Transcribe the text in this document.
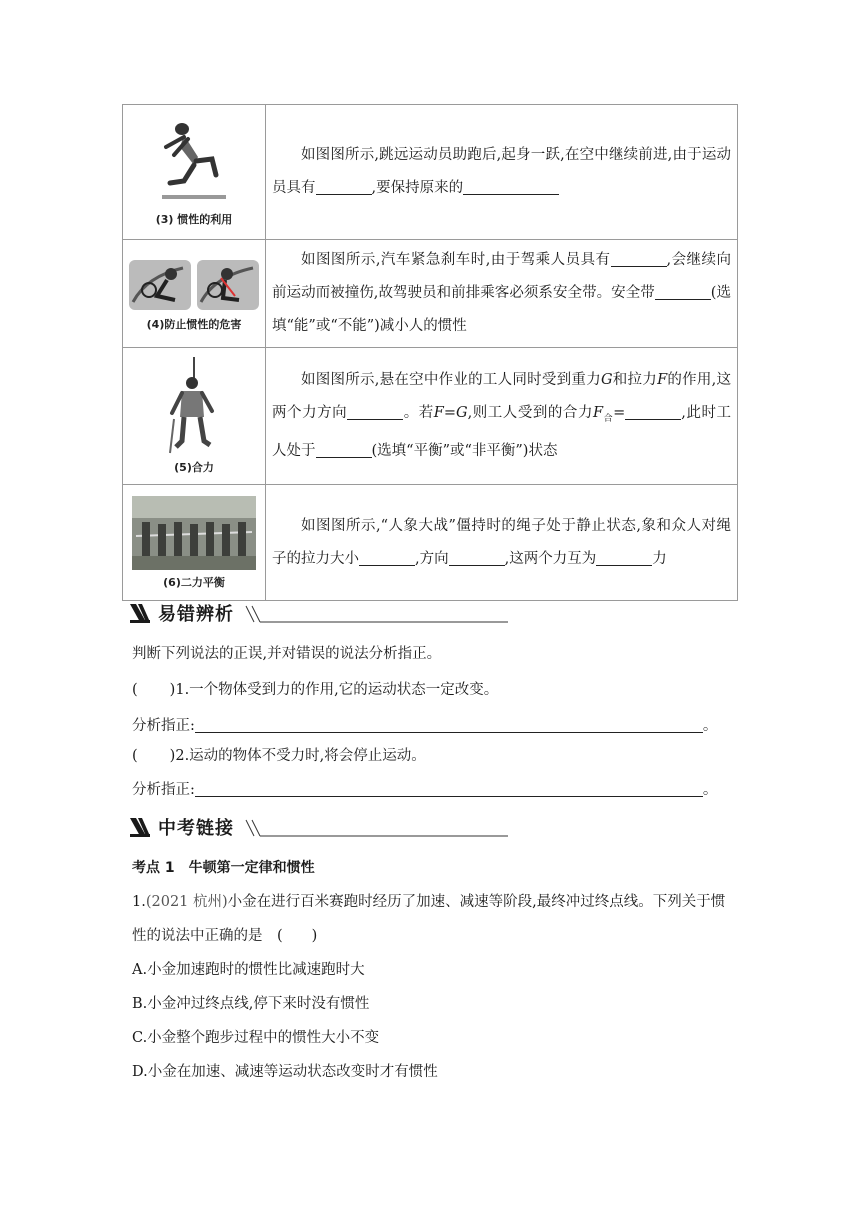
(3) 惯性的利用	如图图所示,跳远运动员助跑后,起身一跃,在空中继续前进,由于运动员具有 ,要保持原来的

(4)防止惯性的危害	如图图所示,汽车紧急刹车时,由于驾乘人员具有 ,会继续向前运动而被撞伤,故驾驶员和前排乘客必须系安全带。安全带 (选填“能”或“不能”)减小人的惯性

(5)合力	如图图所示,悬在空中作业的工人同时受到重力G和拉力F的作用,这两个力方向 。若F=G,则工人受到的合力$F_合=$ ,此时工人处于 (选填“平衡”或“非平衡”)状态

(6)二力平衡	如图图所示,“人象大战”僵持时的绳子处于静止状态,象和众人对绳子的拉力大小 ,方向 ,这两个力互为 力
易错辨析
判断下列说法的正误,并对错误的说法分析指正。
( )1.一个物体受到力的作用,它的运动状态一定改变。
分析指正:	。
( )2.运动的物体不受力时,将会停止运动。
分析指正:	。
中考链接
考点 1　牛顿第一定律和惯性
1.(2021 杭州)小金在进行百米赛跑时经历了加速、减速等阶段,最终冲过终点线。下列关于惯
性的说法中正确的是　(　　)
A.小金加速跑时的惯性比减速跑时大
B.小金冲过终点线,停下来时没有惯性
C.小金整个跑步过程中的惯性大小不变
D.小金在加速、减速等运动状态改变时才有惯性
